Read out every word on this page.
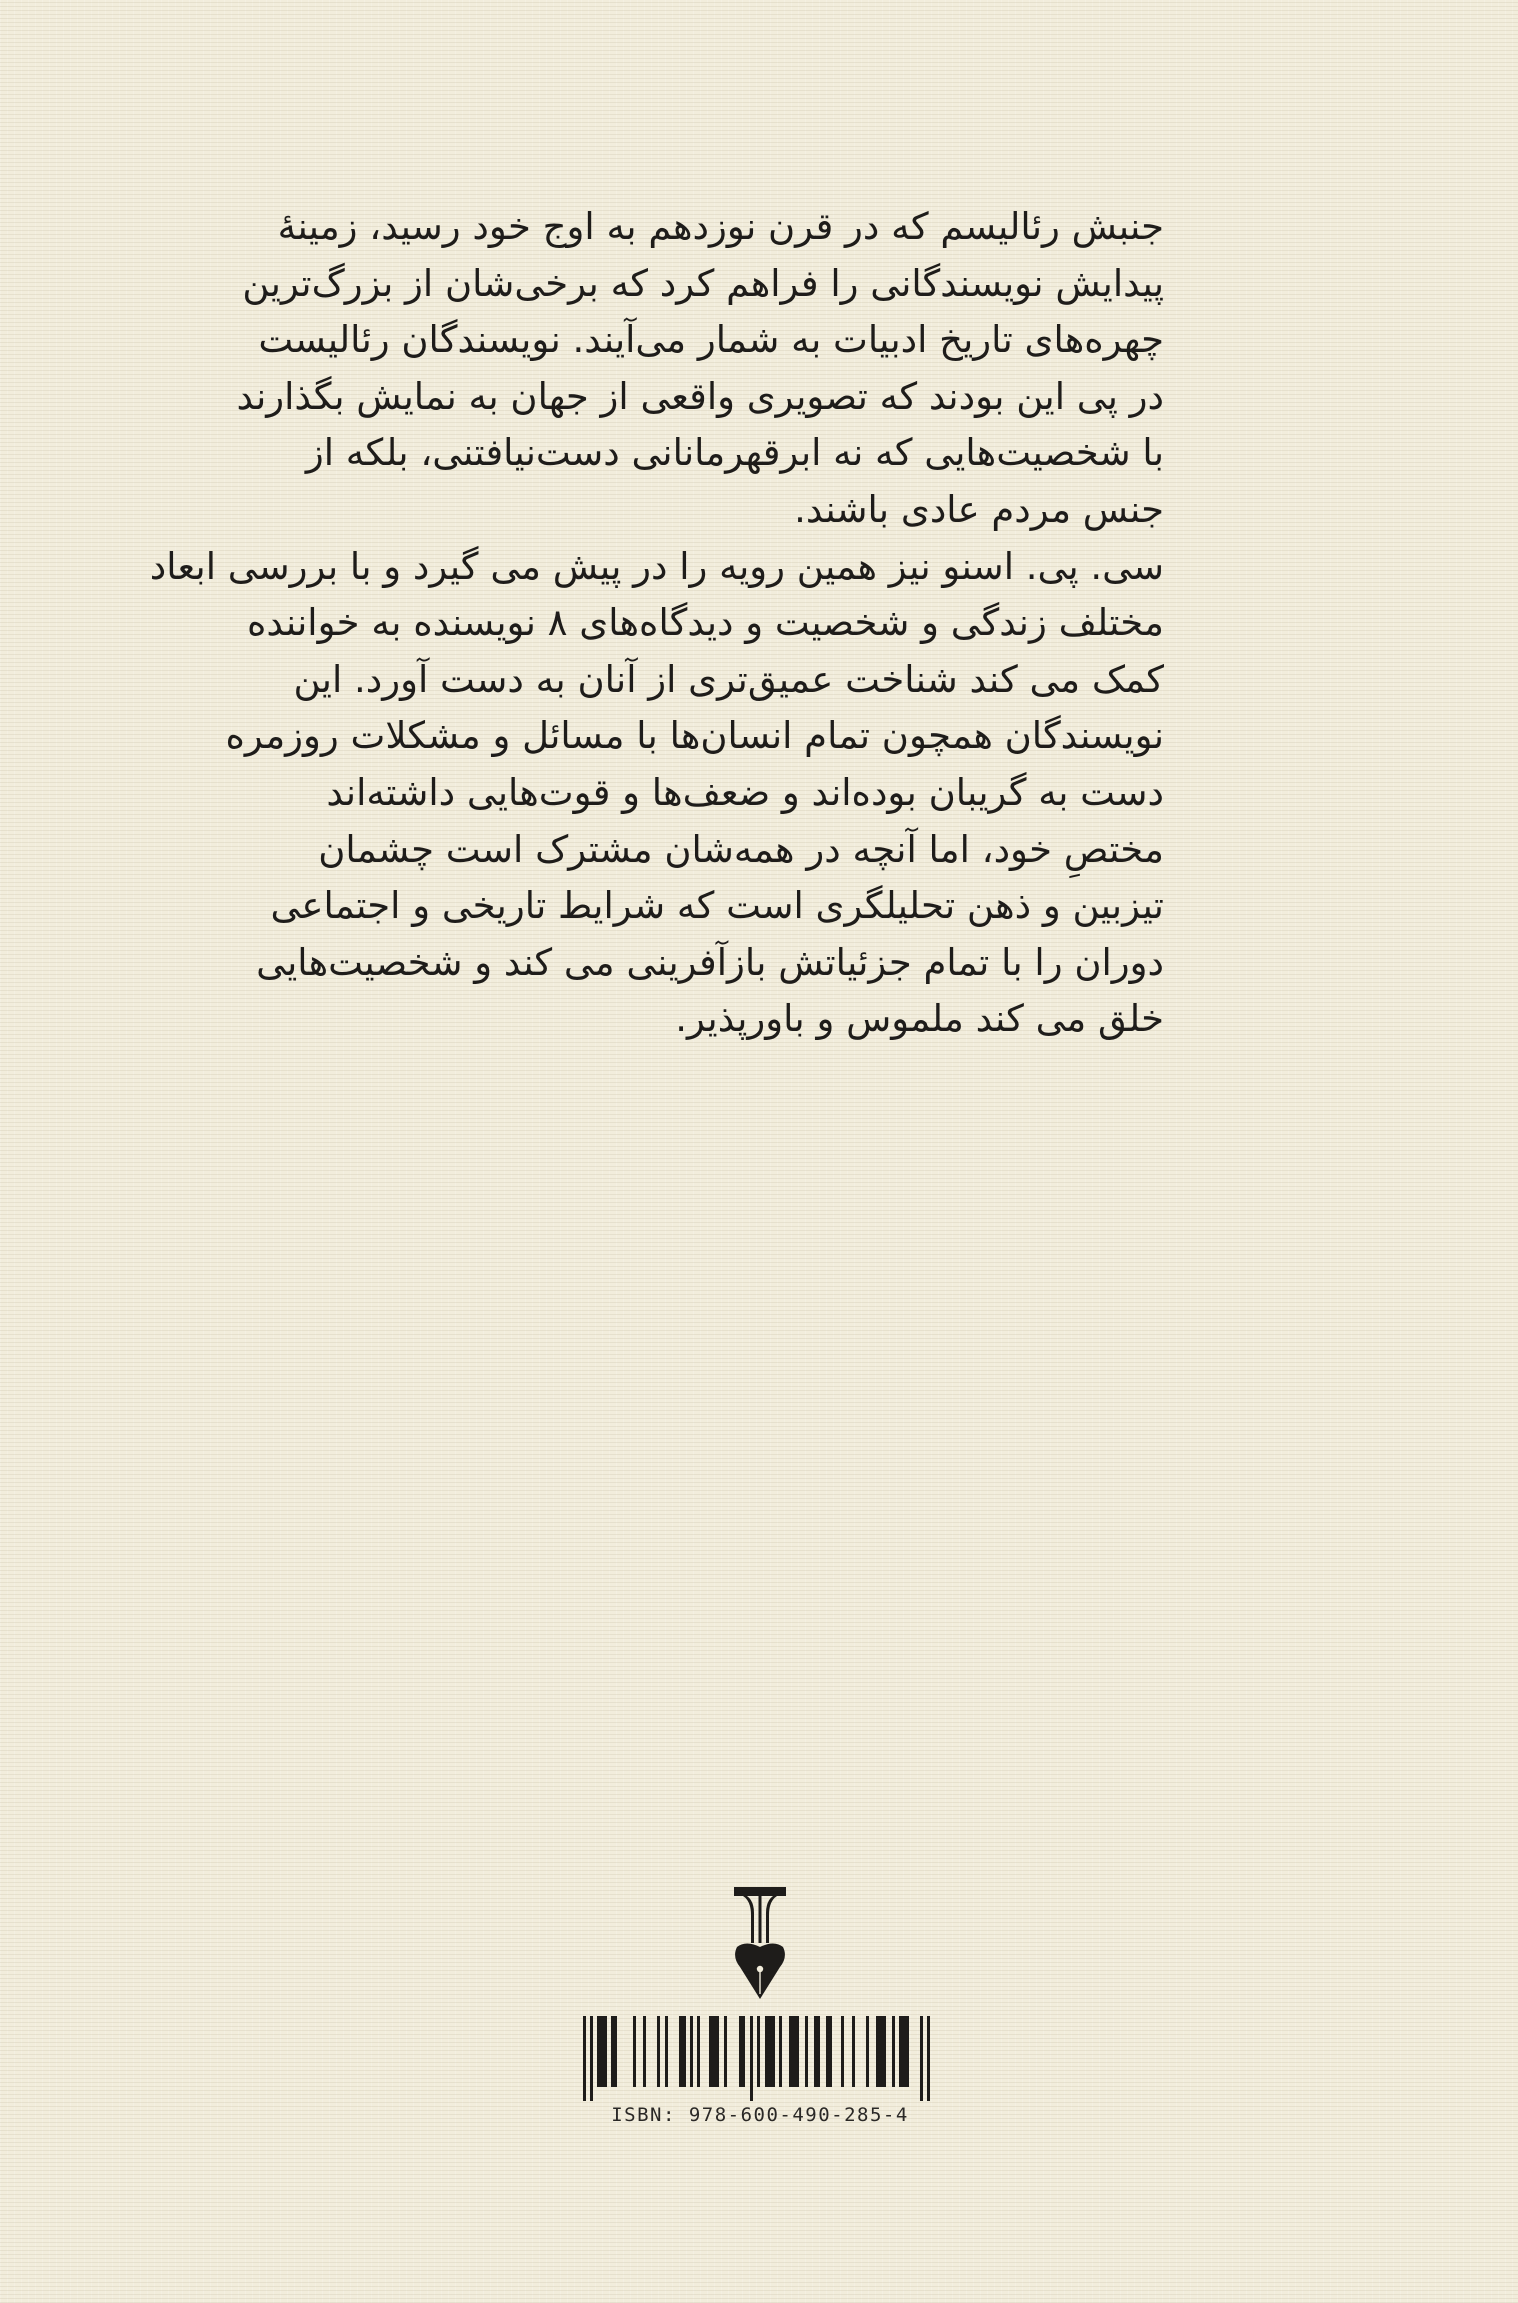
جنبش رئالیسم که در قرن نوزدهم به اوج خود رسید، زمینهٔ
پیدایش نویسندگانی را فراهم کرد که برخی‌شان از بزرگ‌ترین
چهره‌های تاریخ ادبیات به شمار می‌آیند. نویسندگان رئالیست
در پی این بودند که تصویری واقعی از جهان به نمایش بگذارند
با شخصیت‌هایی که نه ابرقهرمانانی دست‌نیافتنی، بلکه از
جنس مردم عادی باشند.
سی. پی. اسنو نیز همین رویه را در پیش می گیرد و با بررسی ابعاد
مختلف زندگی و شخصیت و دیدگاه‌های ۸ نویسنده به خواننده
کمک می کند شناخت عمیق‌تری از آنان به دست آورد. این
نویسندگان همچون تمام انسان‌ها با مسائل و مشکلات روزمره
دست به گریبان بوده‌اند و ضعف‌ها و قوت‌هایی داشته‌اند
مختصِ خود، اما آنچه در همه‌شان مشترک است چشمان
تیزبین و ذهن تحلیلگری است که شرایط تاریخی و اجتماعی
دوران را با تمام جزئیاتش بازآفرینی می کند و شخصیت‌هایی
خلق می کند ملموس و باورپذیر.
ISBN: 978-600-490-285-4
